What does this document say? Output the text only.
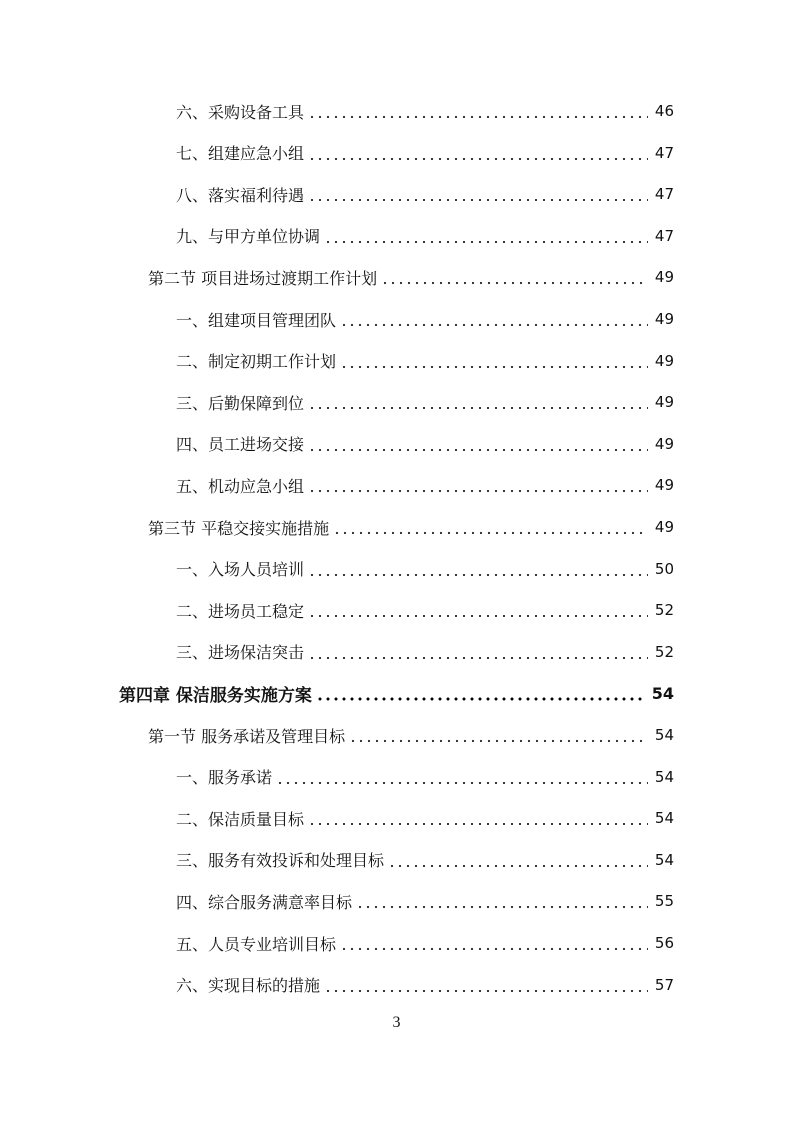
六、采购设备工具	46
七、组建应急小组	47
八、落实福利待遇	47
九、与甲方单位协调	47
第二节 项目进场过渡期工作计划	49
一、组建项目管理团队	49
二、制定初期工作计划	49
三、后勤保障到位	49
四、员工进场交接	49
五、机动应急小组	49
第三节 平稳交接实施措施	49
一、入场人员培训	50
二、进场员工稳定	52
三、进场保洁突击	52
第四章 保洁服务实施方案	54
第一节 服务承诺及管理目标	54
一、服务承诺	54
二、保洁质量目标	54
三、服务有效投诉和处理目标	54
四、综合服务满意率目标	55
五、人员专业培训目标	56
六、实现目标的措施	57
3
